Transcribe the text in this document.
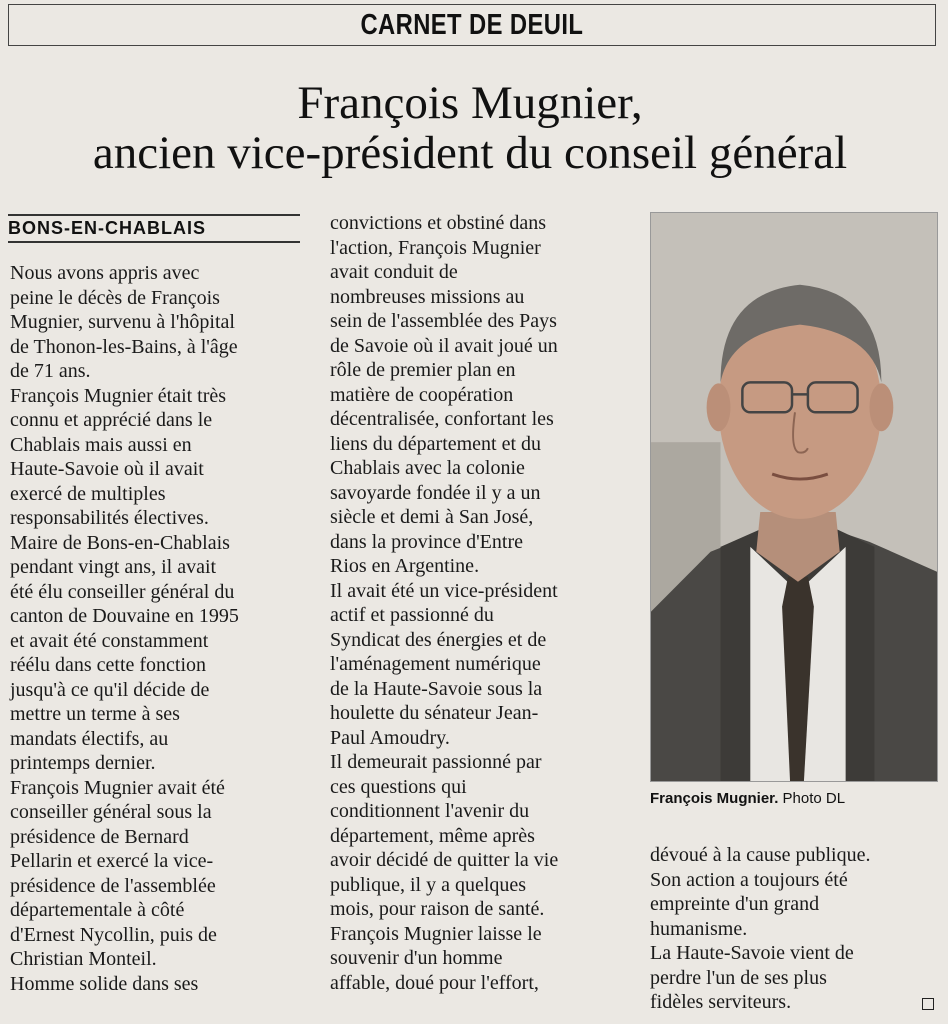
CARNET DE DEUIL
François Mugnier,
ancien vice-président du conseil général
BONS-EN-CHABLAIS

Nous avons appris avec

peine le décès de François

Mugnier, survenu à l'hôpital

de Thonon-les-Bains, à l'âge

de 71 ans.

François Mugnier était très

connu et apprécié dans le

Chablais mais aussi en

Haute-Savoie où il avait

exercé de multiples

responsabilités électives.

Maire de Bons-en-Chablais

pendant vingt ans, il avait

été élu conseiller général du

canton de Douvaine en 1995

et avait été constamment

réélu dans cette fonction

jusqu'à ce qu'il décide de

mettre un terme à ses

mandats électifs, au

printemps dernier.

François Mugnier avait été

conseiller général sous la

présidence de Bernard

Pellarin et exercé la vice-

présidence de l'assemblée

départementale à côté

d'Ernest Nycollin, puis de

Christian Monteil.

Homme solide dans ses

convictions et obstiné dans

l'action, François Mugnier

avait conduit de

nombreuses missions au

sein de l'assemblée des Pays

de Savoie où il avait joué un

rôle de premier plan en

matière de coopération

décentralisée, confortant les

liens du département et du

Chablais avec la colonie

savoyarde fondée il y a un

siècle et demi à San José,

dans la province d'Entre

Rios en Argentine.

Il avait été un vice-président

actif et passionné du

Syndicat des énergies et de

l'aménagement numérique

de la Haute-Savoie sous la

houlette du sénateur Jean-

Paul Amoudry.

Il demeurait passionné par

ces questions qui

conditionnent l'avenir du

département, même après

avoir décidé de quitter la vie

publique, il y a quelques

mois, pour raison de santé.

François Mugnier laisse le

souvenir d'un homme

affable, doué pour l'effort,

François Mugnier. Photo DL

dévoué à la cause publique.

Son action a toujours été

empreinte d'un grand

humanisme.

La Haute-Savoie vient de

perdre l'un de ses plus

fidèles serviteurs.
